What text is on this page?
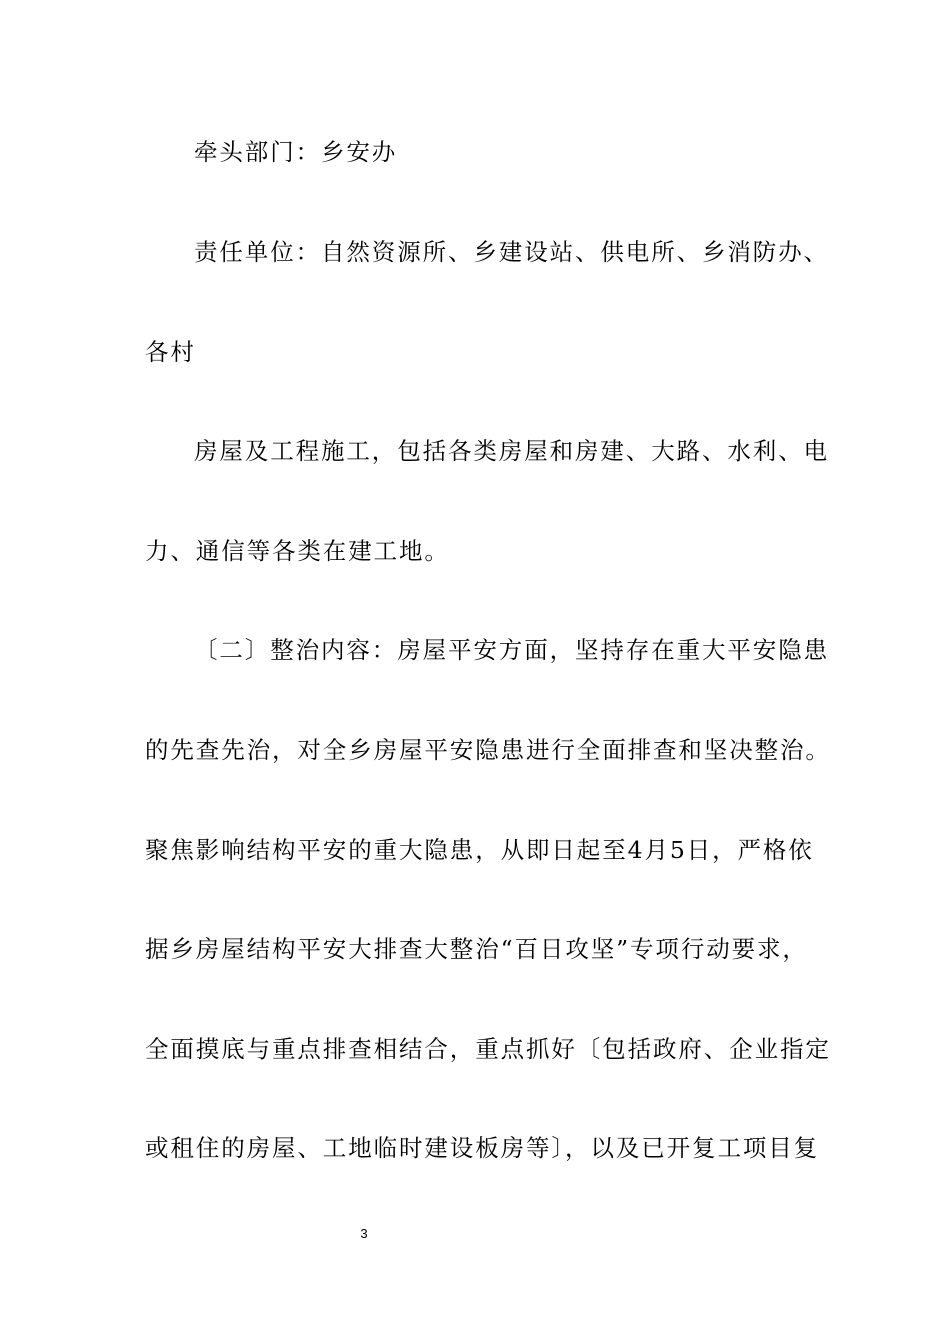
牵头部门：乡安办
责任单位：自然资源所、乡建设站、供电所、乡消防办、
各村
房屋及工程施工，包括各类房屋和房建、大路、水利、电
力、通信等各类在建工地。
〔二〕整治内容：房屋平安方面，坚持存在重大平安隐患
的先查先治，对全乡房屋平安隐患进行全面排查和坚决整治。
聚焦影响结构平安的重大隐患，从即日起至4月5日，严格依
据乡房屋结构平安大排查大整治“百日攻坚”专项行动要求，
全面摸底与重点排查相结合，重点抓好〔包括政府、企业指定
或租住的房屋、工地临时建设板房等〕，以及已开复工项目复
3
